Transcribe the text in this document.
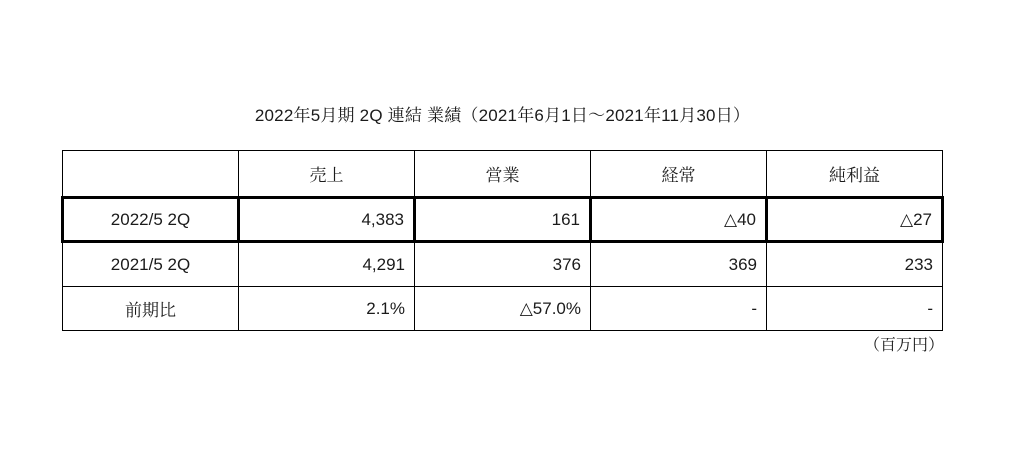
2022年5月期 2Q 連結 業績（2021年6月1日～2021年11月30日）
	売上	営業	経常	純利益
2022/5 2Q	4,383	161	△40	△27
2021/5 2Q	4,291	376	369	233
前期比	2.1%	△57.0%	-	-
（百万円）
